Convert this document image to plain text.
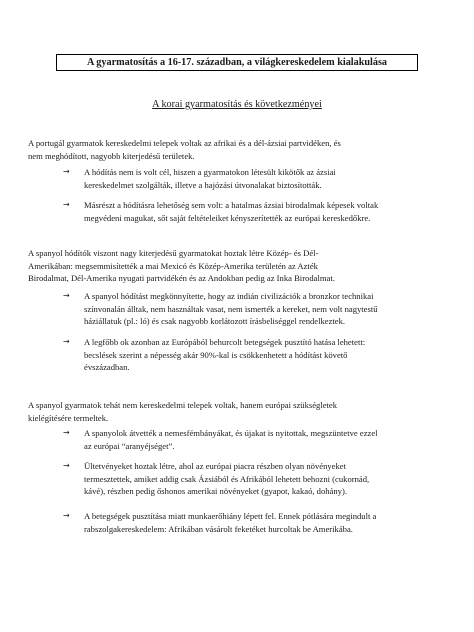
A gyarmatosítás a 16-17. században, a világkereskedelem kialakulása
A korai gyarmatosítás és következményei
A portugál gyarmatok kereskedelmi telepek voltak az afrikai és a dél-ázsiai partvidéken, és
nem meghódított, nagyobb kiterjedésű területek.
→ A hódítás nem is volt cél, hiszen a gyarmatokon létesült kikötők az ázsiai
kereskedelmet szolgálták, illetve a hajózási útvonalakat biztosították.
→ Másrészt a hódításra lehetőség sem volt: a hatalmas ázsiai birodalmak képesek voltak
megvédeni magukat, sőt saját feltételeiket kényszerítették az európai kereskedőkre.
A spanyol hódítók viszont nagy kiterjedésű gyarmatokat hoztak létre Közép- és Dél-
Amerikában: megsemmisítették a mai Mexicó és Közép-Amerika területén az Azték
Birodalmat, Dél-Amerika nyugati partvidékén és az Andokban pedig az Inka Birodalmat.
→ A spanyol hódítást megkönnyítette, hogy az indián civilizációk a bronzkor technikai
színvonalán álltak, nem használtak vasat, nem ismerték a kereket, nem volt nagytestű
háziállatuk (pl.: ló) és csak nagyobb korlátozott írásbeliséggel rendelkeztek.
→ A legfőbb ok azonban az Európából behurcolt betegségek pusztító hatása lehetett:
becslések szerint a népesség akár 90%-kal is csökkenhetett a hódítást követő
évszázadban.
A spanyol gyarmatok tehát nem kereskedelmi telepek voltak, hanem európai szükségletek
kielégítésére termeltek.
→ A spanyolok átvették a nemesfémbányákat, és újakat is nyitottak, megszüntetve ezzel
az európai “aranyéjséget”.
→ Ültetvényeket hoztak létre, ahol az európai piacra részben olyan növényeket
termesztettek, amiket addig csak Ázsiából és Afrikából lehetett behozni (cukornád,
kávé), részben pedig őshonos amerikai növényeket (gyapot, kakaó, dohány).
→ A betegségek pusztítása miatt munkaerőhiány lépett fel. Ennek pótlására megindult a
rabszolgakereskedelem: Afrikában vásárolt feketéket hurcoltak be Amerikába.
